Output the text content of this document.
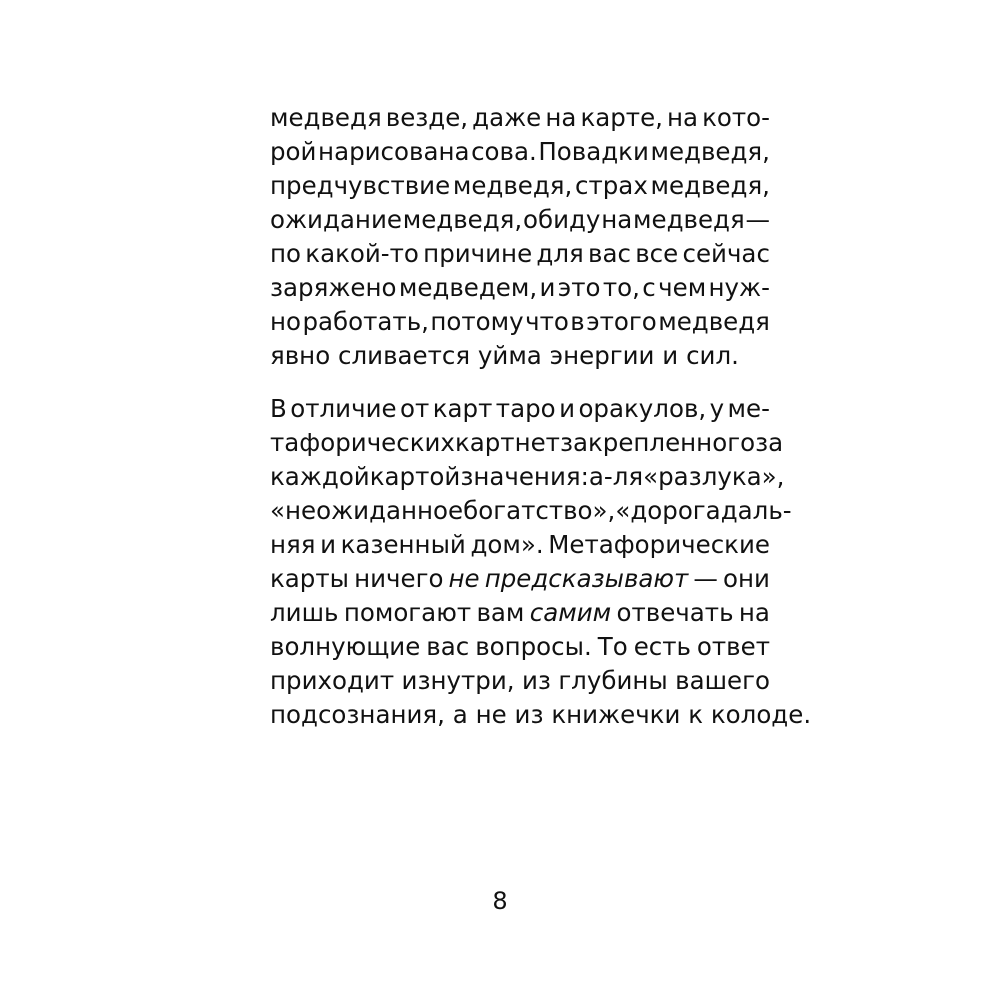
медведя везде, даже на карте, на кото-
рой нарисована сова. Повадки медведя,
предчувствие медведя, страх медведя,
ожидание медведя, обиду на медведя —
по какой-то причине для вас все сейчас
заряжено медведем, и это то, с чем нуж-
но работать, потому что в этого медведя
явно сливается уйма энергии и сил.
В отличие от карт таро и оракулов, у ме-
тафорических карт нет закрепленного за
каждой картой значения: а-ля «разлука»,
«неожиданное богатство», «дорога даль-
няя и казенный дом». Метафорические
карты ничего не предсказывают — они
лишь помогают вам самим отвечать на
волнующие вас вопросы. То есть ответ
приходит изнутри, из глубины вашего
подсознания, а не из книжечки к колоде.
8
